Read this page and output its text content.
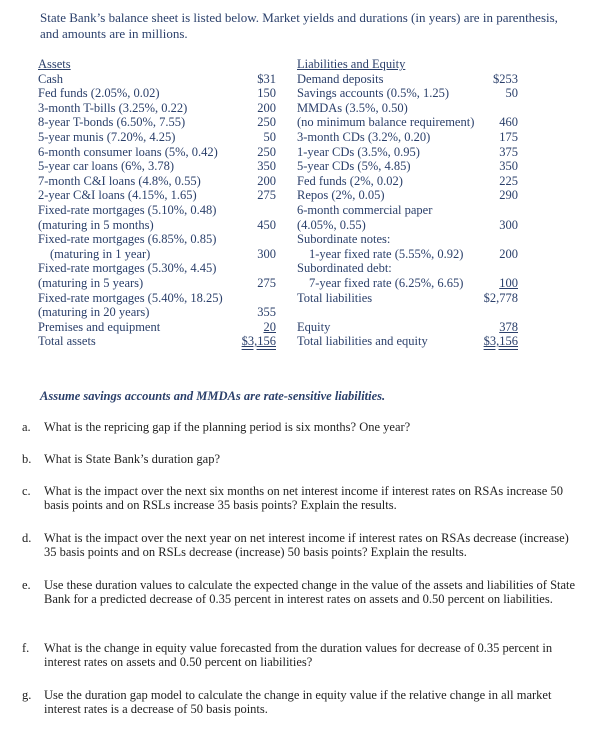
State Bank’s balance sheet is listed below. Market yields and durations (in years) are in parenthesis, and amounts are in millions.
Assets
Cash	$31
Fed funds (2.05%, 0.02)	150
3-month T-bills (3.25%, 0.22)	200
8-year T-bonds (6.50%, 7.55)	250
5-year munis (7.20%, 4.25)	50
6-month consumer loans (5%, 0.42)	250
5-year car loans (6%, 3.78)	350
7-month C&I loans (4.8%, 0.55)	200
2-year C&I loans (4.15%, 1.65)	275
Fixed-rate mortgages (5.10%, 0.48)
(maturing in 5 months)	450
Fixed-rate mortgages (6.85%, 0.85)
(maturing in 1 year)	300
Fixed-rate mortgages (5.30%, 4.45)
(maturing in 5 years)	275
Fixed-rate mortgages (5.40%, 18.25)
(maturing in 20 years)	355
Premises and equipment	20
Total assets	$3,156
Liabilities and Equity
Demand deposits	$253
Savings accounts (0.5%, 1.25)	50
MMDAs (3.5%, 0.50)
(no minimum balance requirement)	460
3-month CDs (3.2%, 0.20)	175
1-year CDs (3.5%, 0.95)	375
5-year CDs (5%, 4.85)	350
Fed funds (2%, 0.02)	225
Repos (2%, 0.05)	290
6-month commercial paper
(4.05%, 0.55)	300
Subordinate notes:
1-year fixed rate (5.55%, 0.92)	200
Subordinated debt:
7-year fixed rate (6.25%, 6.65)	100
Total liabilities	$2,778

Equity	378
Total liabilities and equity	$3,156
Assume savings accounts and MMDAs are rate-sensitive liabilities.
a.	What is the repricing gap if the planning period is six months? One year?
b.	What is State Bank’s duration gap?
c.	What is the impact over the next six months on net interest income if interest rates on RSAs increase 50 basis points and on RSLs increase 35 basis points? Explain the results.
d.	What is the impact over the next year on net interest income if interest rates on RSAs decrease (increase) 35 basis points and on RSLs decrease (increase) 50 basis points? Explain the results.
e.	Use these duration values to calculate the expected change in the value of the assets and liabilities of State Bank for a predicted decrease of 0.35 percent in interest rates on assets and 0.50 percent on liabilities.
f.	What is the change in equity value forecasted from the duration values for decrease of 0.35 percent in interest rates on assets and 0.50 percent on liabilities?
g.	Use the duration gap model to calculate the change in equity value if the relative change in all market interest rates is a decrease of 50 basis points.
